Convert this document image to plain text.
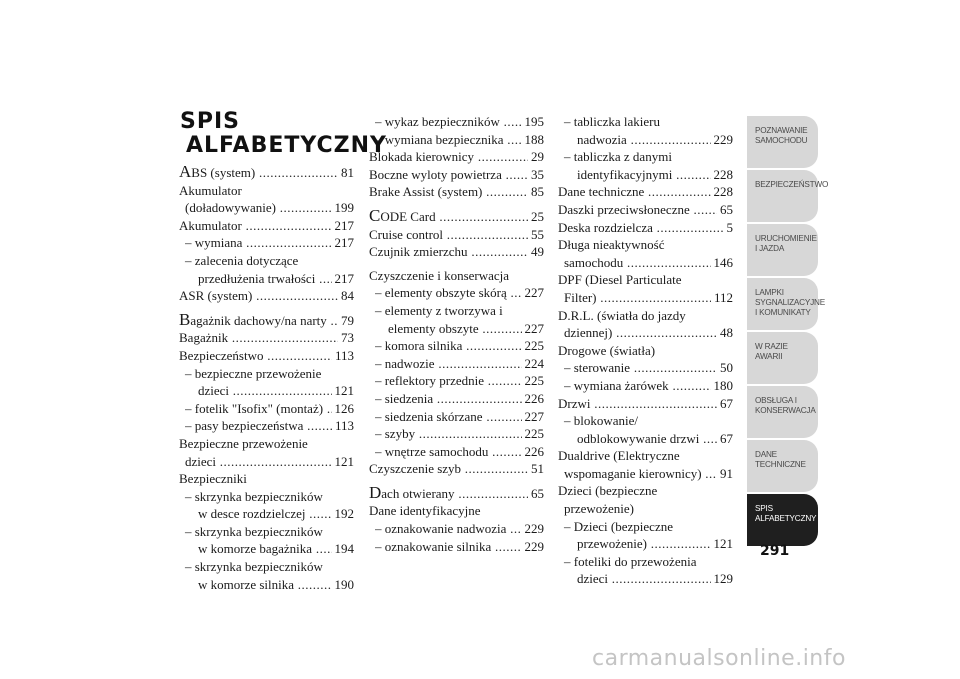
SPIS
ALFABETYCZNY
ABS (system) .....	81
Akumulator
(doładowywanie) .....	199
Akumulator .....	217
– wymiana .....	217
– zalecenia dotyczące
przedłużenia trwałości .....	217
ASR (system) .....	84
Bagażnik dachowy/na narty .....	79
Bagażnik .....	73
Bezpieczeństwo .....	113
– bezpieczne przewożenie
dzieci .....	121
– fotelik "Isofix" (montaż) ..... 126
– pasy bezpieczeństwa .....	113
Bezpieczne przewożenie
dzieci .....	121
Bezpieczniki
– skrzynka bezpieczników
w desce rozdzielczej .....	192
– skrzynka bezpieczników
w komorze bagażnika .....	194
– skrzynka bezpieczników
w komorze silnika .....	190
– wykaz bezpieczników .....	195
– wymiana bezpiecznika .....	188
Blokada kierownicy .....	29
Boczne wyloty powietrza .....	35
Brake Assist (system) .....	85
CODE Card .....	25
Cruise control .....	55
Czujnik zmierzchu .....	49
Czyszczenie i konserwacja
– elementy obszyte skórą .....	227
– elementy z tworzywa i
elementy obszyte .....	227
– komora silnika .....	225
– nadwozie .....	224
– reflektory przednie .....	225
– siedzenia .....	226
– siedzenia skórzane .....	227
– szyby .....	225
– wnętrze samochodu .....	226
Czyszczenie szyb .....	51
Dach otwierany .....	65
Dane identyfikacyjne
– oznakowanie nadwozia .....	229
– oznakowanie silnika .....	229
– tabliczka lakieru
nadwozia .....	229
– tabliczka z danymi
identyfikacyjnymi .....	228
Dane techniczne .....	228
Daszki przeciwsłoneczne .....	65
Deska rozdzielcza .....	5
Długa nieaktywność
samochodu .....	146
DPF (Diesel Particulate
Filter) .....	112
D.R.L. (światła do jazdy
dziennej) .....	48
Drogowe (światła)
– sterowanie .....	50
– wymiana żarówek .....	180
Drzwi .....	67
– blokowanie/
odblokowywanie drzwi .....	67
Dualdrive (Elektryczne
wspomaganie kierownicy) .....	91
Dzieci (bezpieczne
przewożenie)
– Dzieci (bezpieczne
przewożenie) .....	121
– foteliki do przewożenia
dzieci .....	129
POZNAWANIE SAMOCHODU
BEZPIECZEŃSTWO
URUCHOMIENIE I JAZDA
LAMPKI SYGNALIZACYJNE I KOMUNIKATY
W RAZIE AWARII
OBSŁUGA I KONSERWACJA
DANE TECHNICZNE
SPIS ALFABETYCZNY
291
carmanualsonline.info
